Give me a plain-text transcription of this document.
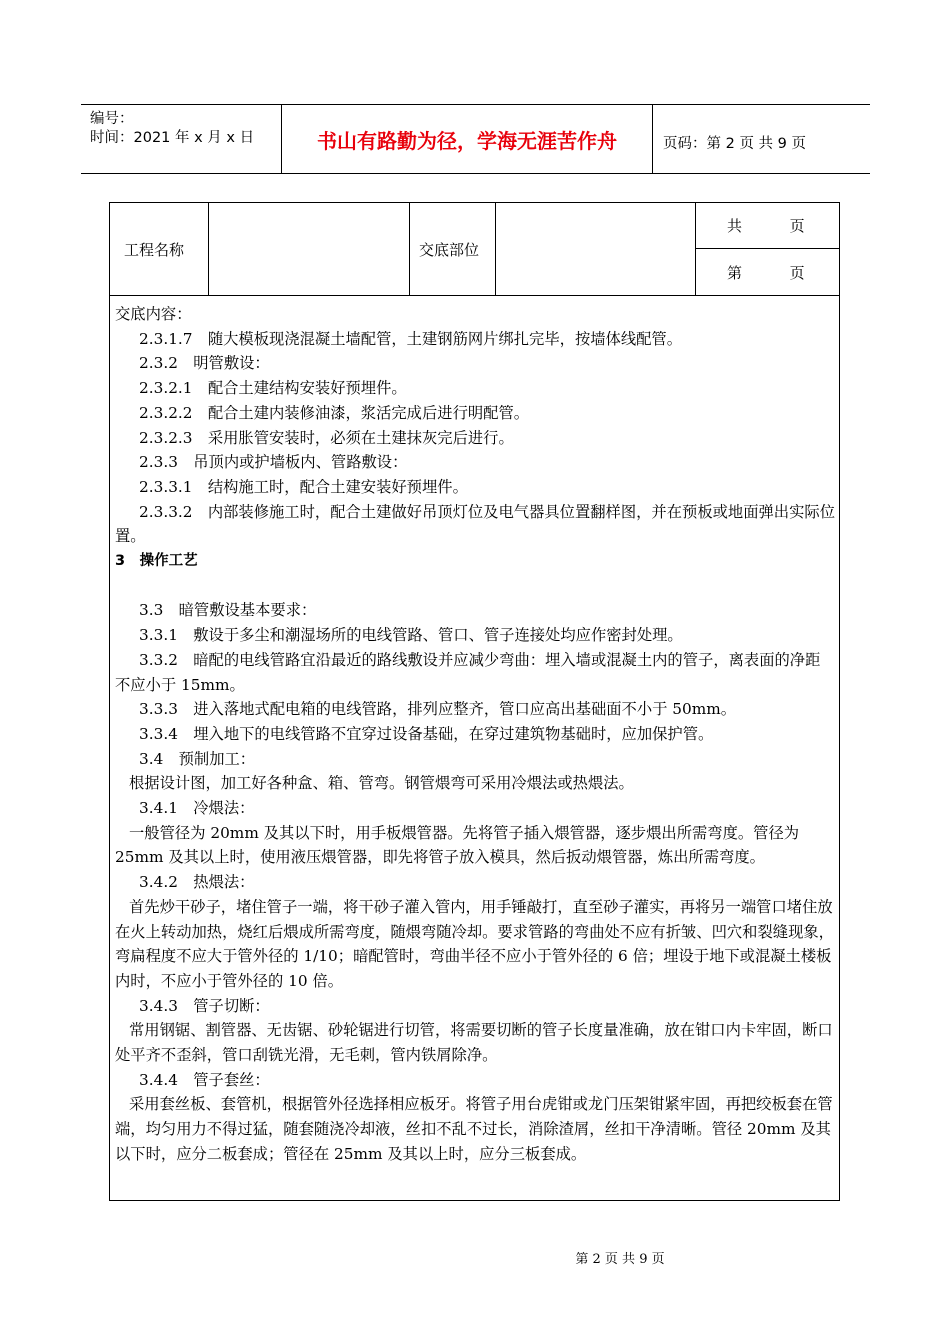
编号：
时间：2021 年 x 月 x 日	书山有路勤为径，学海无涯苦作舟	页码：第 2 页 共 9 页
工程名称	交底部位
共          页
第          页

交底内容：

2.3.1.7　随大模板现浇混凝土墙配管，土建钢筋网片绑扎完毕，按墙体线配管。

2.3.2　明管敷设：

2.3.2.1　配合土建结构安装好预埋件。

2.3.2.2　配合土建内装修油漆，浆活完成后进行明配管。

2.3.2.3　采用胀管安装时，必须在土建抹灰完后进行。

2.3.3　吊顶内或护墙板内、管路敷设：

2.3.3.1　结构施工时，配合土建安装好预埋件。

2.3.3.2　内部装修施工时，配合土建做好吊顶灯位及电气器具位置翻样图，并在预板或地面弹出实际位置。

3　操作工艺

3.3　暗管敷设基本要求：

3.3.1　敷设于多尘和潮湿场所的电线管路、管口、管子连接处均应作密封处理。

3.3.2　暗配的电线管路宜沿最近的路线敷设并应减少弯曲：埋入墙或混凝土内的管子，离表面的净距不应小于 15mm。

3.3.3　进入落地式配电箱的电线管路，排列应整齐，管口应高出基础面不小于 50mm。

3.3.4　埋入地下的电线管路不宜穿过设备基础，在穿过建筑物基础时，应加保护管。

3.4　预制加工：

根据设计图，加工好各种盒、箱、管弯。钢管煨弯可采用冷煨法或热煨法。

3.4.1　冷煨法：

一般管径为 20mm 及其以下时，用手板煨管器。先将管子插入煨管器，逐步煨出所需弯度。管径为 25mm 及其以上时，使用液压煨管器，即先将管子放入模具，然后扳动煨管器，炼出所需弯度。

3.4.2　热煨法：

首先炒干砂子，堵住管子一端，将干砂子灌入管内，用手锤敲打，直至砂子灌实，再将另一端管口堵住放在火上转动加热，烧红后煨成所需弯度，随煨弯随冷却。要求管路的弯曲处不应有折皱、凹穴和裂缝现象，弯扁程度不应大于管外径的 1/10；暗配管时，弯曲半径不应小于管外径的 6 倍；埋设于地下或混凝土楼板内时，不应小于管外径的 10 倍。

3.4.3　管子切断：

常用钢锯、割管器、无齿锯、砂轮锯进行切管，将需要切断的管子长度量准确，放在钳口内卡牢固，断口处平齐不歪斜，管口刮铣光滑，无毛刺，管内铁屑除净。

3.4.4　管子套丝：

采用套丝板、套管机，根据管外径选择相应板牙。将管子用台虎钳或龙门压架钳紧牢固，再把绞板套在管端，均匀用力不得过猛，随套随浇冷却液，丝扣不乱不过长，消除渣屑，丝扣干净清晰。管径 20mm 及其以下时，应分二板套成；管径在 25mm 及其以上时，应分三板套成。

第 2 页 共 9 页
